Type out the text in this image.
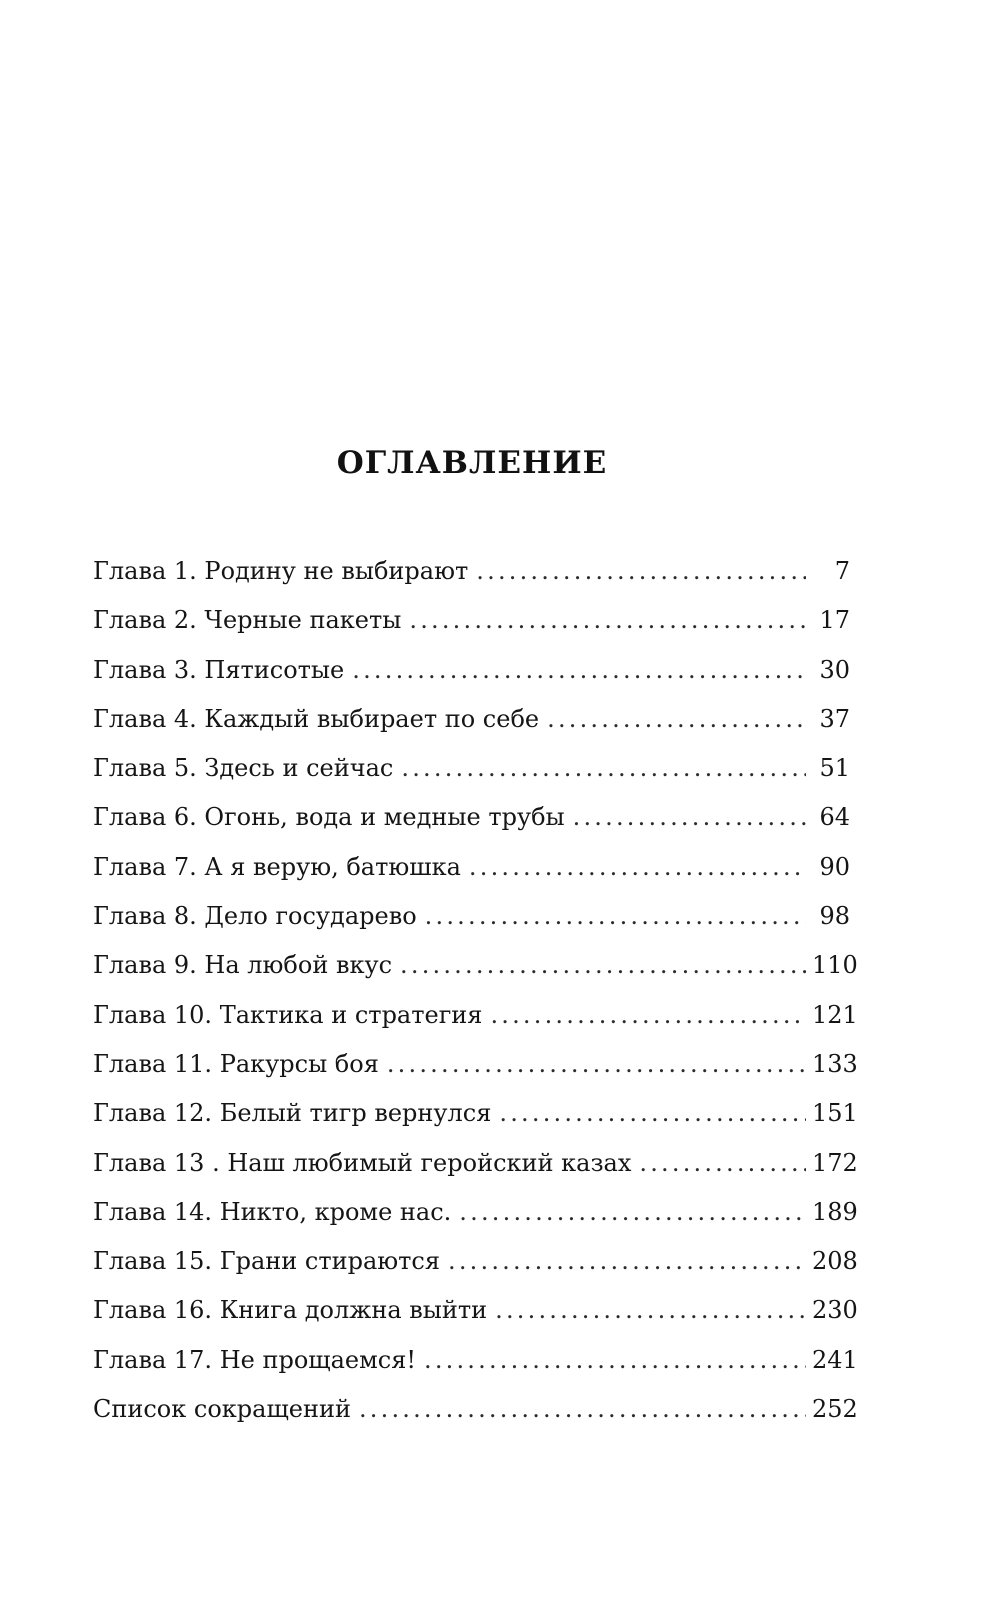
ОГЛАВЛЕНИЕ
Глава 1. Родину не выбирают .....	7
Глава 2. Черные пакеты .....	17
Глава 3. Пятисотые .....	30
Глава 4. Каждый выбирает по себе .....	37
Глава 5. Здесь и сейчас .....	51
Глава 6. Огонь, вода и медные трубы .....	64
Глава 7. А я верую, батюшка .....	90
Глава 8. Дело государево .....	98
Глава 9. На любой вкус .....	110
Глава 10. Тактика и стратегия .....	121
Глава 11. Ракурсы боя .....	133
Глава 12. Белый тигр вернулся .....	151
Глава 13 . Наш любимый геройский казах .....	172
Глава 14. Никто, кроме нас. .....	189
Глава 15. Грани стираются .....	208
Глава 16. Книга должна выйти .....	230
Глава 17. Не прощаемся! .....	241
Список сокращений .....	252
